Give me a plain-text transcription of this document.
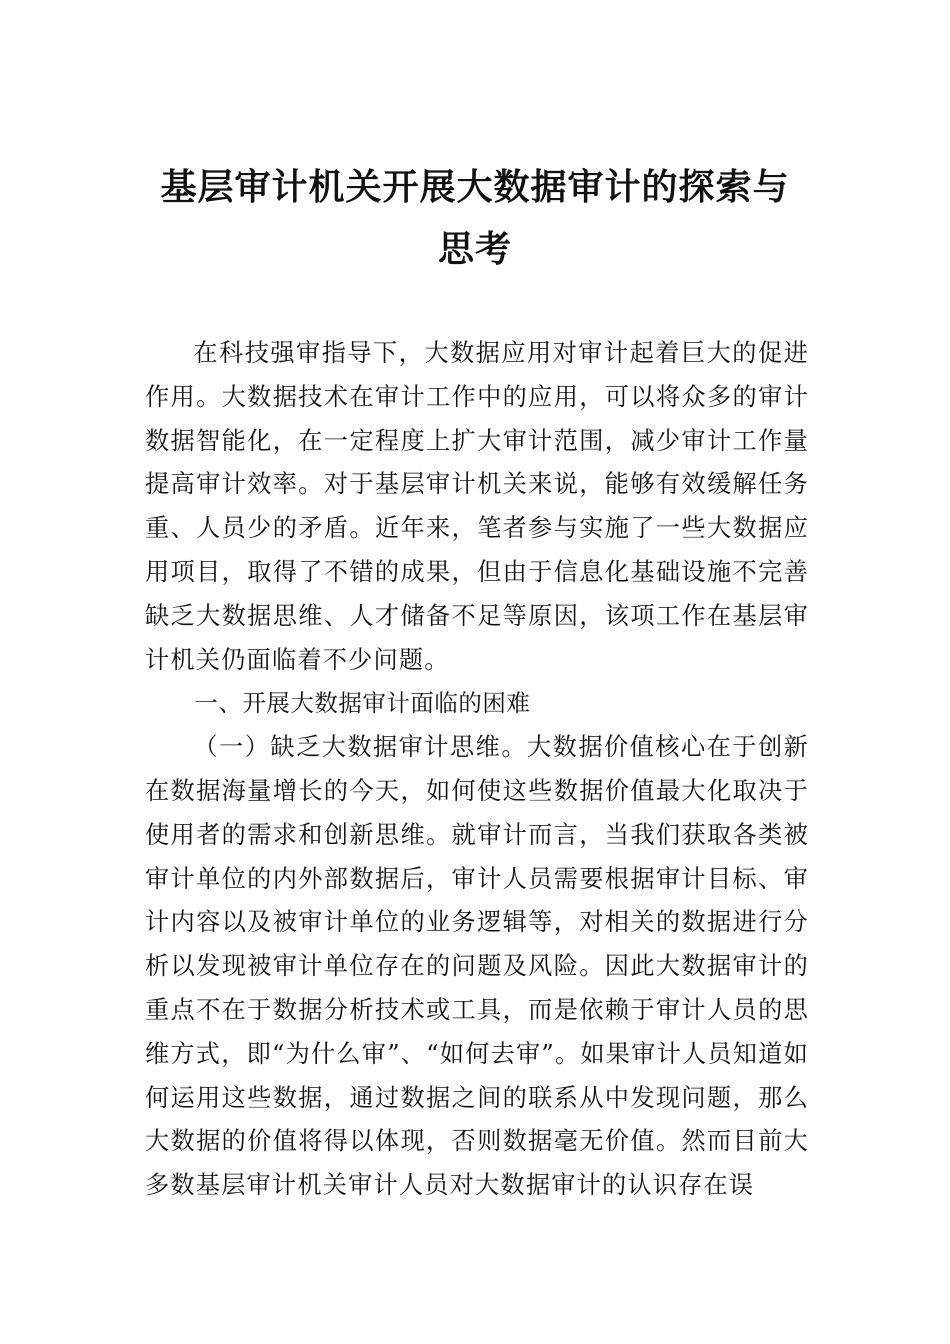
基层审计机关开展大数据审计的探索与思考

在科技强审指导下，大数据应用对审计起着巨大的促进作用。大数据技术在审计工作中的应用，可以将众多的审计数据智能化，在一定程度上扩大审计范围，减少审计工作量提高审计效率。对于基层审计机关来说，能够有效缓解任务重、人员少的矛盾。近年来，笔者参与实施了一些大数据应用项目，取得了不错的成果，但由于信息化基础设施不完善缺乏大数据思维、人才储备不足等原因，该项工作在基层审计机关仍面临着不少问题。

一、开展大数据审计面临的困难

（一）缺乏大数据审计思维。大数据价值核心在于创新在数据海量增长的今天，如何使这些数据价值最大化取决于使用者的需求和创新思维。就审计而言，当我们获取各类被审计单位的内外部数据后，审计人员需要根据审计目标、审计内容以及被审计单位的业务逻辑等，对相关的数据进行分析以发现被审计单位存在的问题及风险。因此大数据审计的重点不在于数据分析技术或工具，而是依赖于审计人员的思维方式，即“为什么审”、“如何去审”。如果审计人员知道如何运用这些数据，通过数据之间的联系从中发现问题，那么大数据的价值将得以体现，否则数据毫无价值。然而目前大多数基层审计机关审计人员对大数据审计的认识存在误
